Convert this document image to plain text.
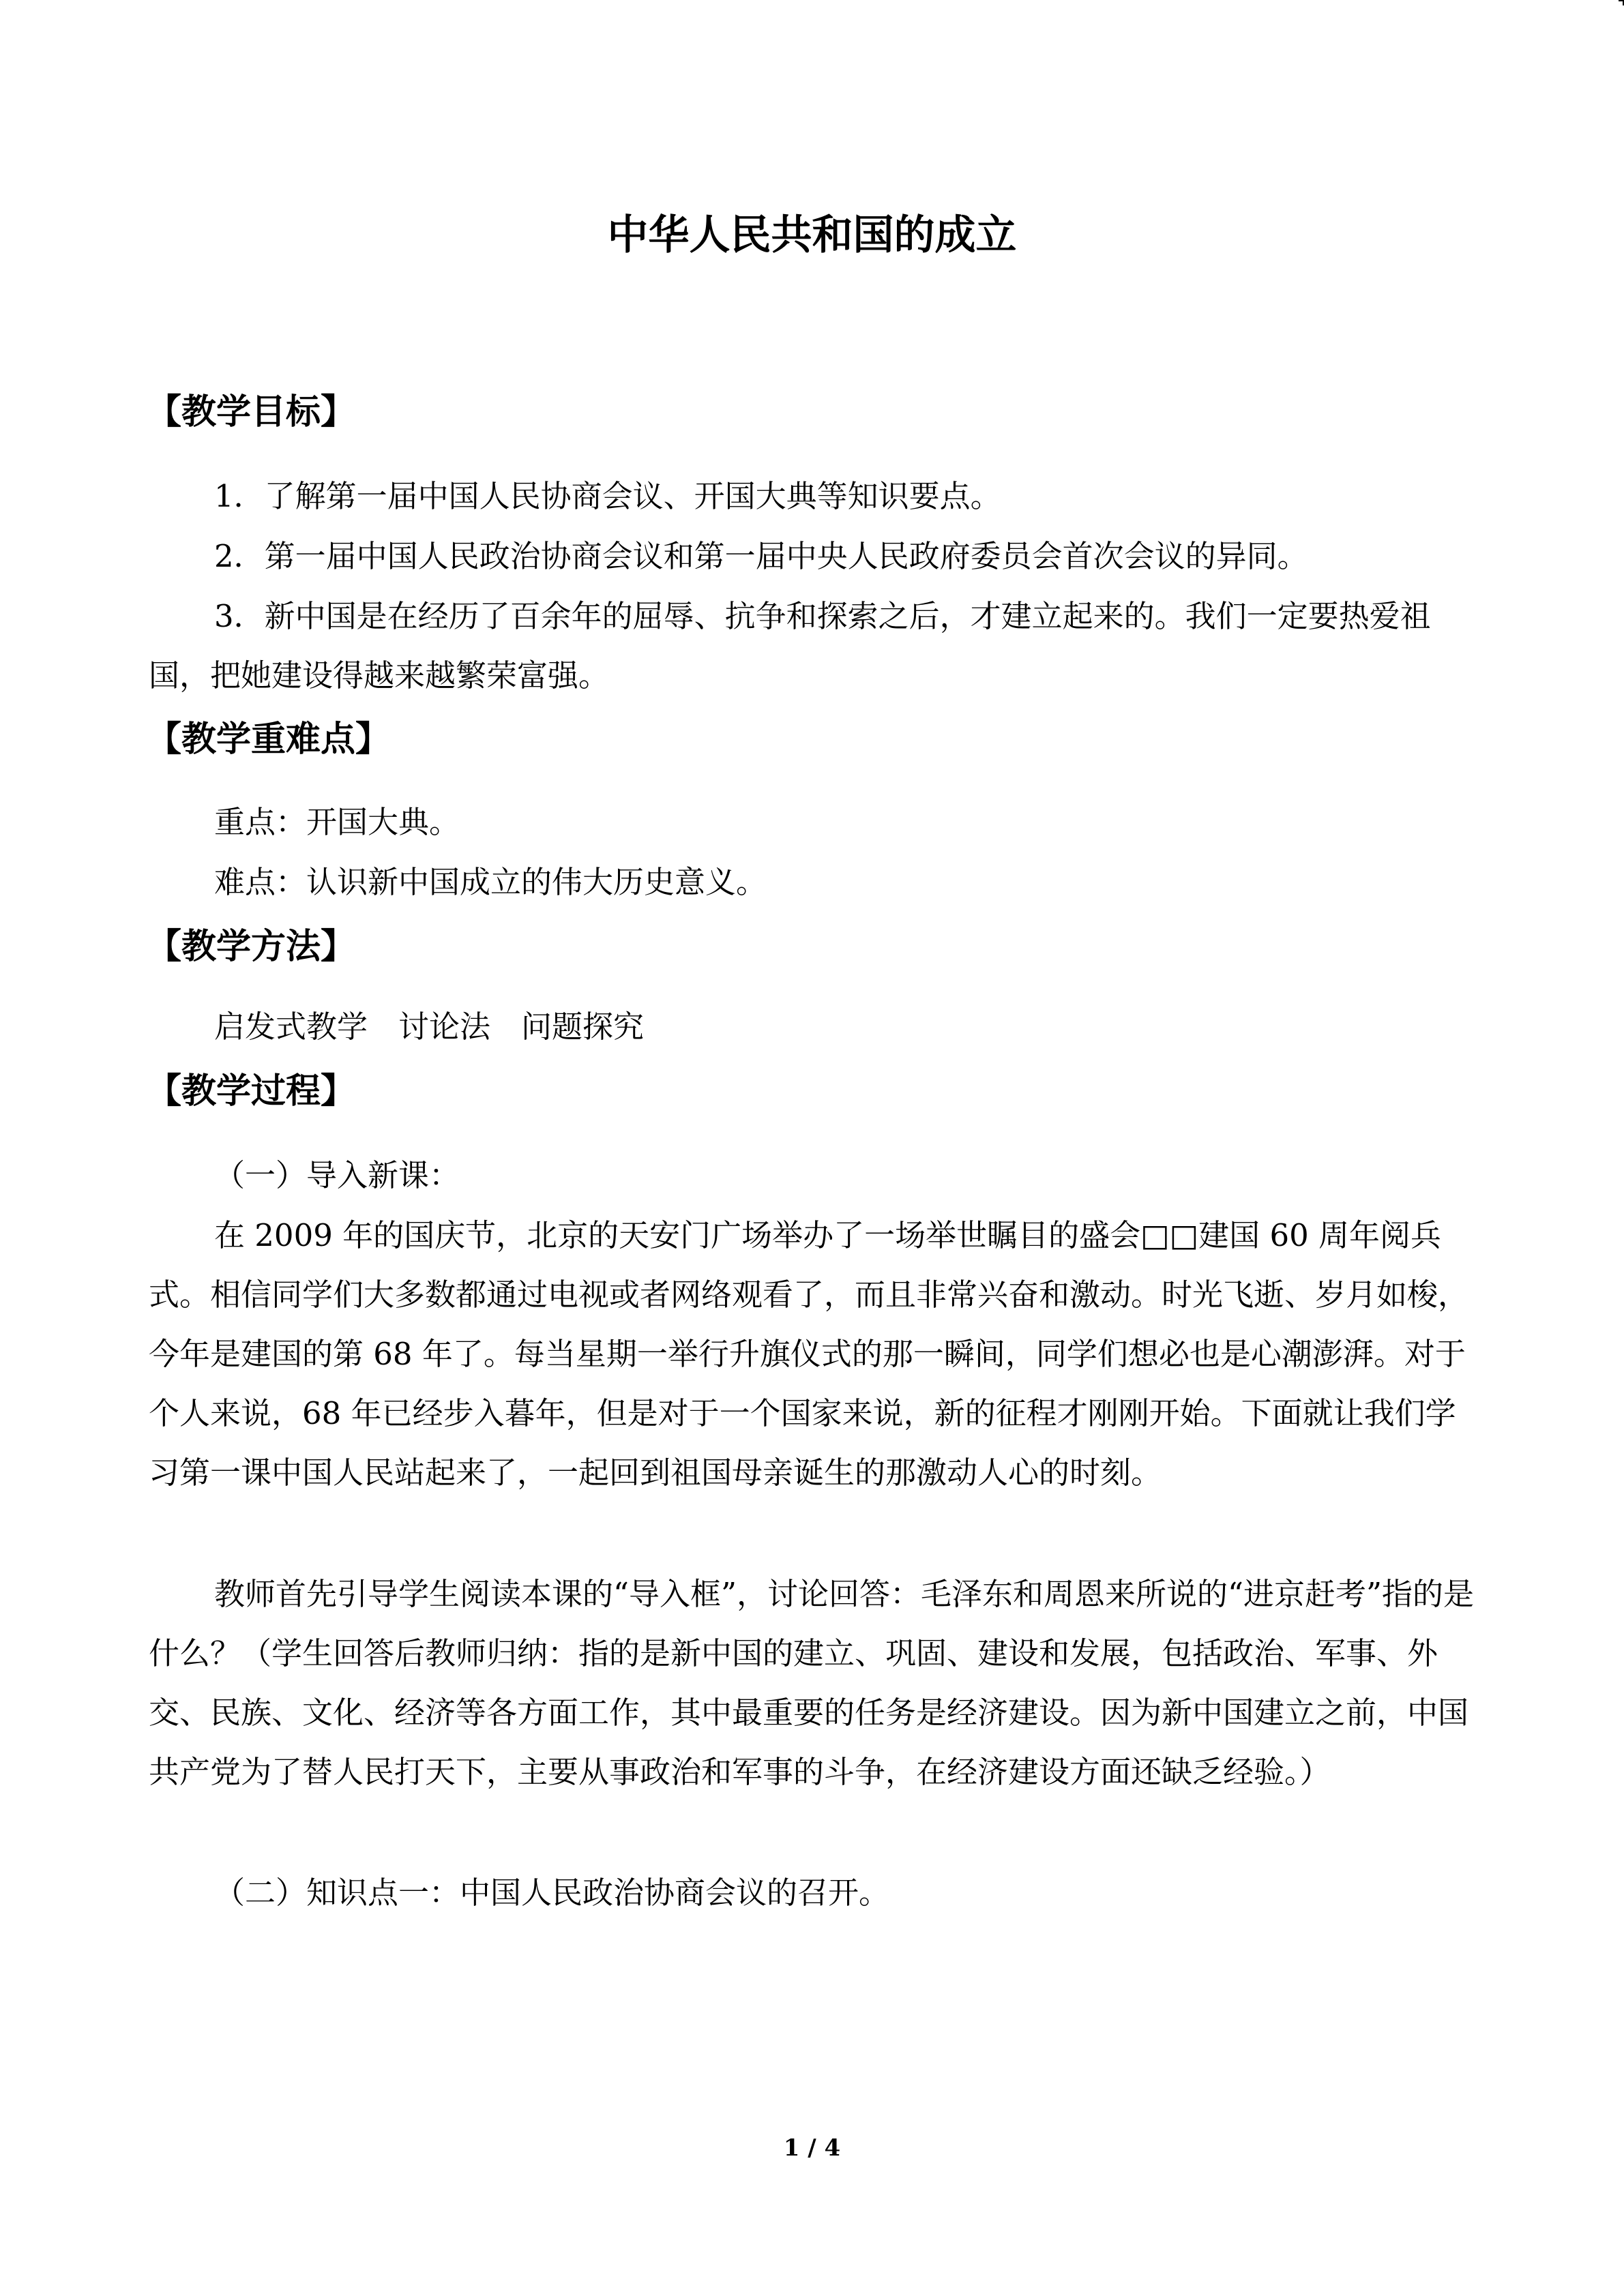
中华人民共和国的成立
【教学目标】
1．了解第一届中国人民协商会议、开国大典等知识要点。
2．第一届中国人民政治协商会议和第一届中央人民政府委员会首次会议的异同。
3．新中国是在经历了百余年的屈辱、抗争和探索之后，才建立起来的。我们一定要热爱祖国，把她建设得越来越繁荣富强。
【教学重难点】
重点：开国大典。
难点：认识新中国成立的伟大历史意义。
【教学方法】
启发式教学　讨论法　问题探究
【教学过程】
（一）导入新课：
在 2009 年的国庆节，北京的天安门广场举办了一场举世瞩目的盛会□□建国 60 周年阅兵式。相信同学们大多数都通过电视或者网络观看了，而且非常兴奋和激动。时光飞逝、岁月如梭，今年是建国的第 68 年了。每当星期一举行升旗仪式的那一瞬间，同学们想必也是心潮澎湃。对于个人来说，68 年已经步入暮年，但是对于一个国家来说，新的征程才刚刚开始。下面就让我们学习第一课中国人民站起来了，一起回到祖国母亲诞生的那激动人心的时刻。
教师首先引导学生阅读本课的“导入框”，讨论回答：毛泽东和周恩来所说的“进京赶考”指的是什么？（学生回答后教师归纳：指的是新中国的建立、巩固、建设和发展，包括政治、军事、外交、民族、文化、经济等各方面工作，其中最重要的任务是经济建设。因为新中国建立之前，中国共产党为了替人民打天下，主要从事政治和军事的斗争，在经济建设方面还缺乏经验。）
（二）知识点一：中国人民政治协商会议的召开。
1 / 4
